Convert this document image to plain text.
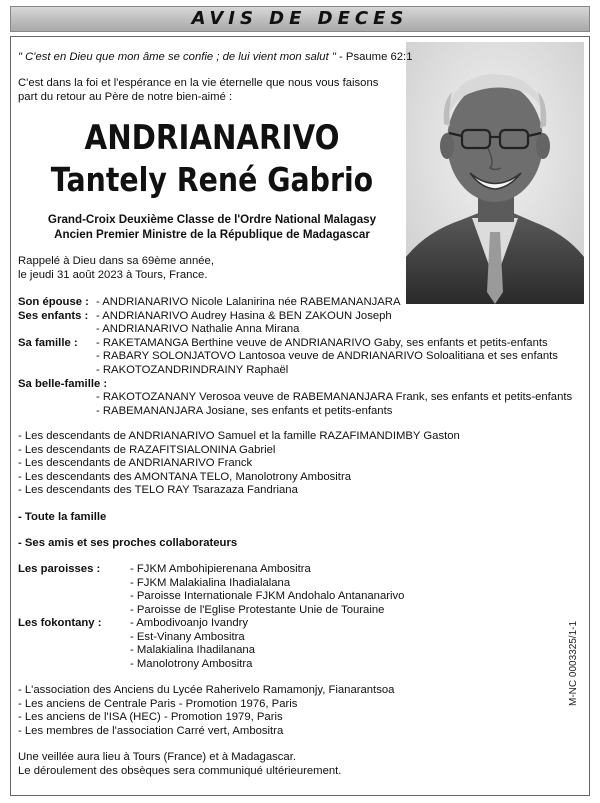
AVIS DE DECES
" C'est en Dieu que mon âme se confie ; de lui vient mon salut " - Psaume 62:1
C'est dans la foi et l'espérance en la vie éternelle que nous vous faisons
part du retour au Père de notre bien-aimé :
ANDRIANARIVO
Tantely René Gabrio
Grand-Croix Deuxième Classe de l'Ordre National Malagasy
Ancien Premier Ministre de la République de Madagascar
Rappelé à Dieu dans sa 69ème année,
le jeudi 31 août 2023 à Tours, France.
Son épouse : - ANDRIANARIVO Nicole Lalanirina née RABEMANANJARA
Ses enfants : - ANDRIANARIVO Audrey Hasina & BEN ZAKOUN Joseph
- ANDRIANARIVO Nathalie Anna Mirana
Sa famille : - RAKETAMANGA Berthine veuve de ANDRIANARIVO Gaby, ses enfants et petits-enfants
- RABARY SOLONJATOVO Lantosoa veuve de ANDRIANARIVO Soloalitiana et ses enfants
- RAKOTOZANDRINDRAINY Raphaël
Sa belle-famille :
- RAKOTOZANANY Verosoa veuve de RABEMANANJARA Frank, ses enfants et petits-enfants
- RABEMANANJARA Josiane, ses enfants et petits-enfants
- Les descendants de ANDRIANARIVO Samuel et la famille RAZAFIMANDIMBY Gaston
- Les descendants de RAZAFITSIALONINA Gabriel
- Les descendants de ANDRIANARIVO Franck
- Les descendants des AMONTANA TELO, Manolotrony Ambositra
- Les descendants des TELO RAY Tsarazaza Fandriana
- Toute la famille
- Ses amis et ses proches collaborateurs
Les paroisses :	- FJKM Ambohipierenana Ambositra
- FJKM Malakialina Ihadialalana
- Paroisse Internationale FJKM Andohalo Antananarivo
- Paroisse de l'Eglise Protestante Unie de Touraine
Les fokontany :	- Ambodivoanjo Ivandry
- Est-Vinany Ambositra
- Malakialina Ihadilanana
- Manolotrony Ambositra
- L'association des Anciens du Lycée Raherivelo Ramamonjy, Fianarantsoa
- Les anciens de Centrale Paris - Promotion 1976, Paris
- Les anciens de l'ISA (HEC) - Promotion 1979, Paris
- Les membres de l'association Carré vert, Ambositra
Une veillée aura lieu à Tours (France) et à Madagascar.
Le déroulement des obsèques sera communiqué ultérieurement.
M-NC 0003325/1-1
